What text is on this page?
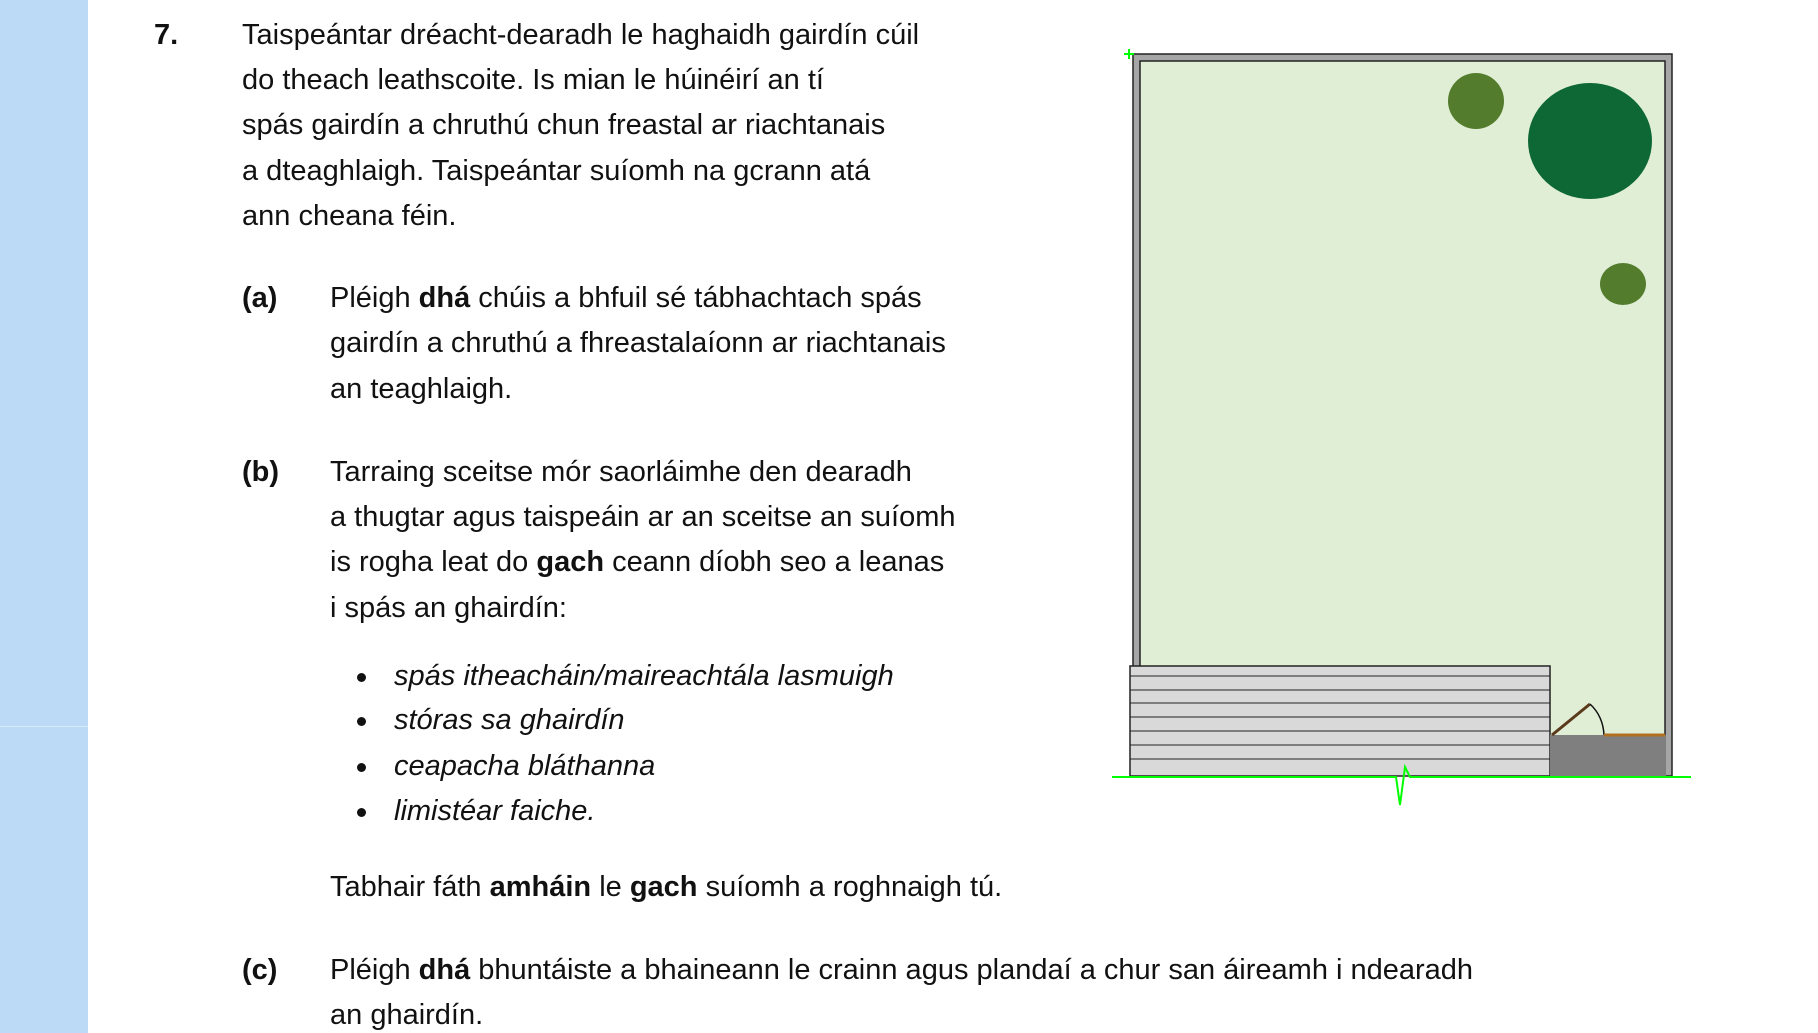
7. Taispeántar dréacht-dearadh le haghaidh gairdín cúil
do theach leathscoite. Is mian le húinéirí an tí
spás gairdín a chruthú chun freastal ar riachtanais
a dteaghlaigh. Taispeántar suíomh na gcrann atá
ann cheana féin.
(a) Pléigh dhá chúis a bhfuil sé tábhachtach spás
gairdín a chruthú a fhreastalaíonn ar riachtanais
an teaghlaigh.
(b) Tarraing sceitse mór saorláimhe den dearadh
a thugtar agus taispeáin ar an sceitse an suíomh
is rogha leat do gach ceann díobh seo a leanas
i spás an ghairdín:
spás itheacháin/maireachtála lasmuigh
stóras sa ghairdín
ceapacha bláthanna
limistéar faiche.
Tabhair fáth amháin le gach suíomh a roghnaigh tú.
(c) Pléigh dhá bhuntáiste a bhaineann le crainn agus plandaí a chur san áireamh i ndearadh
an ghairdín.
